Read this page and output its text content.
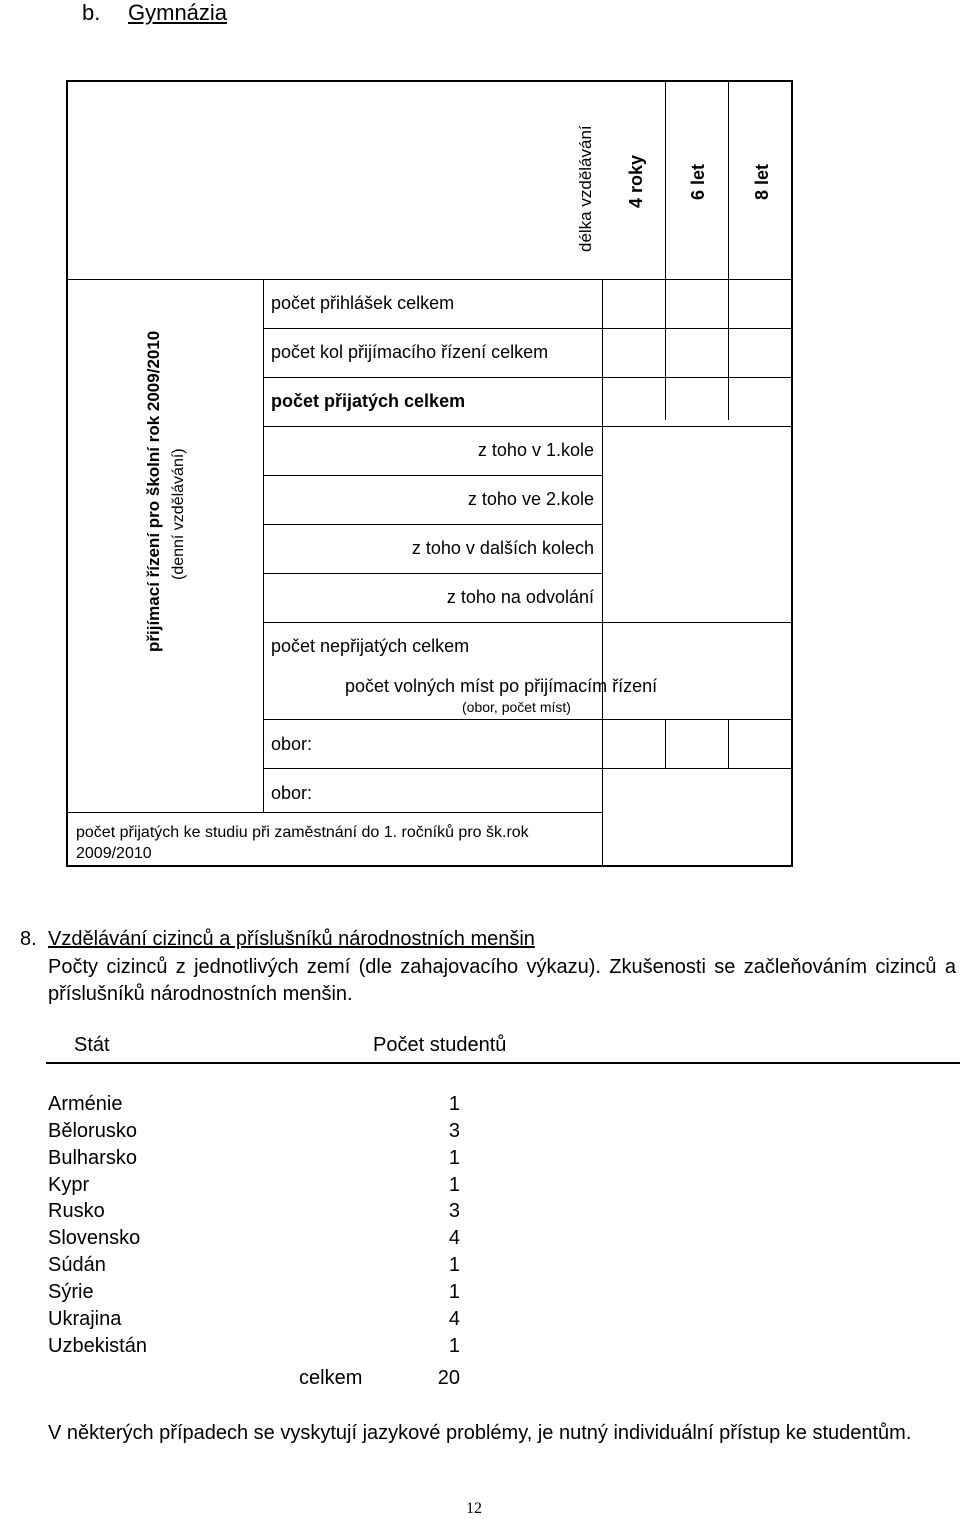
b. Gymnázia
délka vzdělávání 4 roky 6 let 8 let
přijímací řízení pro školní rok 2009/2010 (denní vzdělávání)
počet přihlášek celkem
počet kol přijímacího řízení celkem
počet přijatých celkem
z toho v 1.kole
z toho ve 2.kole
z toho v dalších kolech
z toho na odvolání
počet nepřijatých celkem
počet volných míst po přijímacím řízení
(obor, počet míst)
obor:
obor:
počet přijatých ke studiu při zaměstnání do 1. ročníků pro šk.rok 2009/2010
8. Vzdělávání cizinců a příslušníků národnostních menšin
Počty cizinců z jednotlivých zemí (dle zahajovacího výkazu). Zkušenosti se začleňováním cizinců a příslušníků národnostních menšin.
Stát	Počet studentů
Arménie	1
Bělorusko	3
Bulharsko	1
Kypr	1
Rusko	3
Slovensko	4
Súdán	1
Sýrie	1
Ukrajina	4
Uzbekistán	1
celkem	20
V některých případech se vyskytují jazykové problémy, je nutný individuální přístup ke studentům.
12
